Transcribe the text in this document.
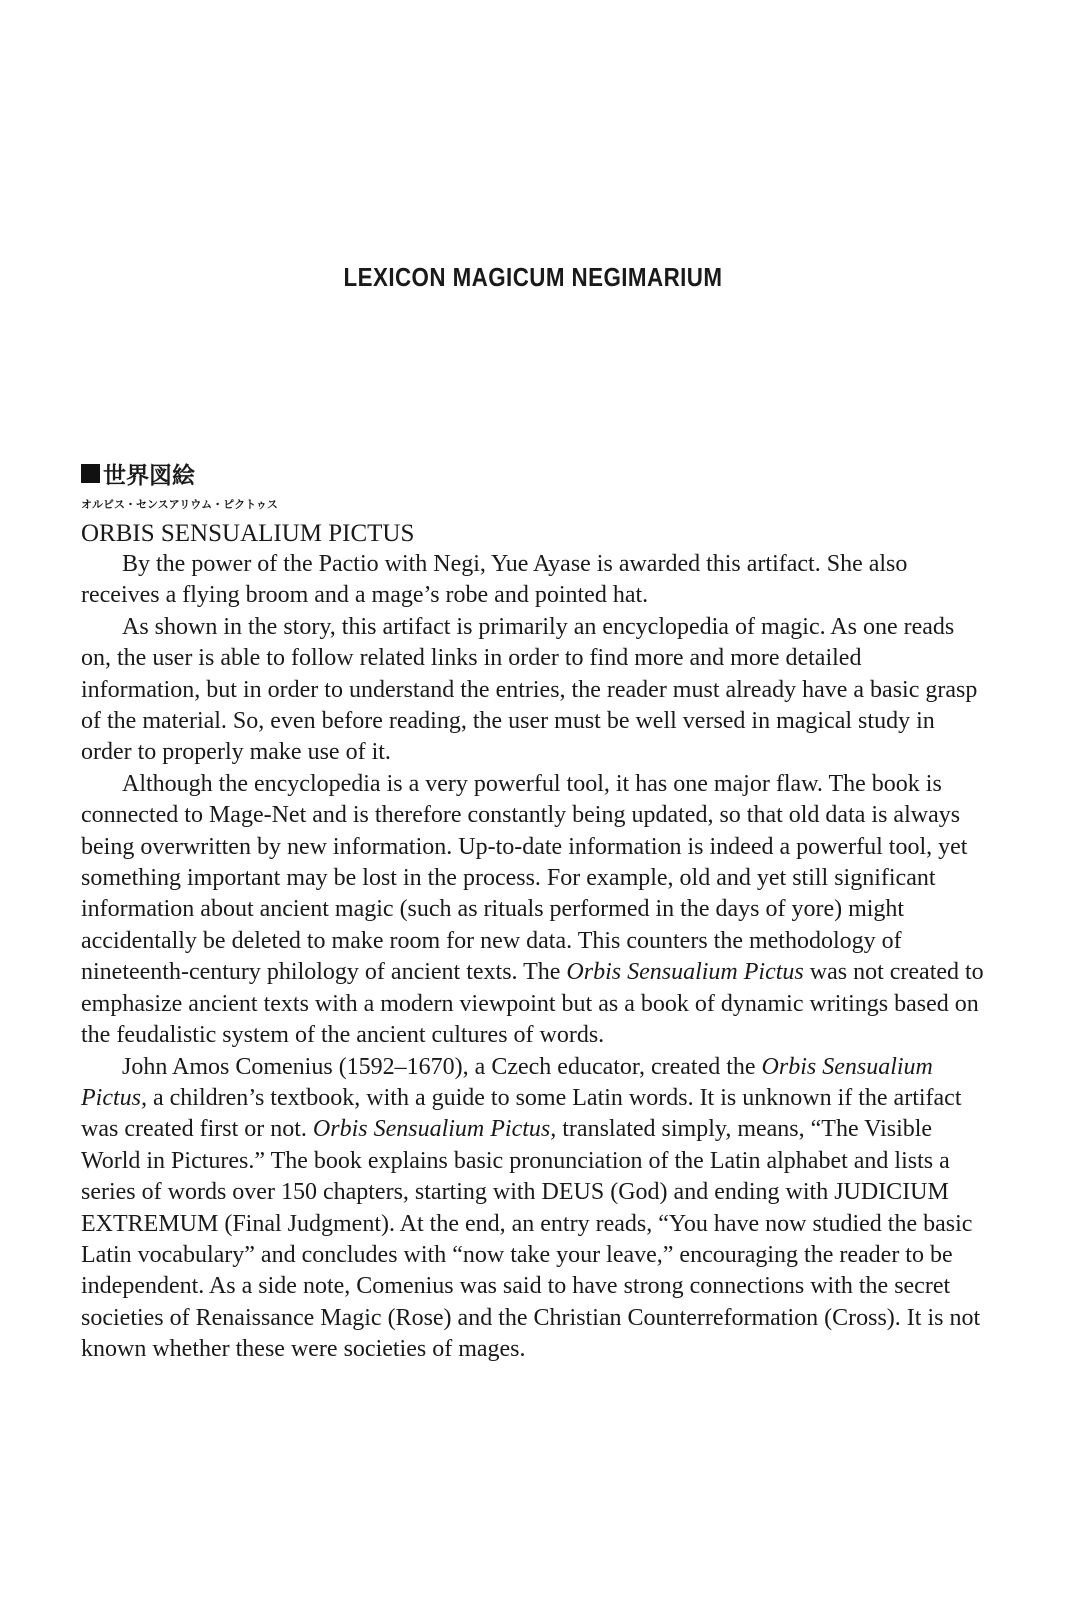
LEXICON MAGICUM NEGIMARIUM
世界図絵
オルビス・センスアリウム・ピクトゥス
ORBIS SENSUALIUM PICTUS

By the power of the Pactio with Negi, Yue Ayase is awarded this artifact. She also receives a flying broom and a mage’s robe and pointed hat.

As shown in the story, this artifact is primarily an encyclopedia of magic. As one reads on, the user is able to follow related links in order to find more and more detailed information, but in order to understand the entries, the reader must already have a basic grasp of the material. So, even before reading, the user must be well versed in magical study in order to properly make use of it.

Although the encyclopedia is a very powerful tool, it has one major flaw. The book is connected to Mage-Net and is therefore constantly being updated, so that old data is always being overwritten by new information. Up-to-date information is indeed a powerful tool, yet something important may be lost in the process. For example, old and yet still significant information about ancient magic (such as rituals performed in the days of yore) might accidentally be deleted to make room for new data. This counters the methodology of nineteenth-century philology of ancient texts. The Orbis Sensualium Pictus was not created to emphasize ancient texts with a modern viewpoint but as a book of dynamic writings based on the feudalistic system of the ancient cultures of words.

John Amos Comenius (1592–1670), a Czech educator, created the Orbis Sensualium Pictus, a children’s textbook, with a guide to some Latin words. It is unknown if the artifact was created first or not. Orbis Sensualium Pictus, translated simply, means, “The Visible World in Pictures.” The book explains basic pronunciation of the Latin alphabet and lists a series of words over 150 chapters, starting with DEUS (God) and ending with JUDICIUM EXTREMUM (Final Judgment). At the end, an entry reads, “You have now studied the basic Latin vocabulary” and concludes with “now take your leave,” encouraging the reader to be independent. As a side note, Comenius was said to have strong connections with the secret societies of Renaissance Magic (Rose) and the Christian Counterreformation (Cross). It is not known whether these were societies of mages.
